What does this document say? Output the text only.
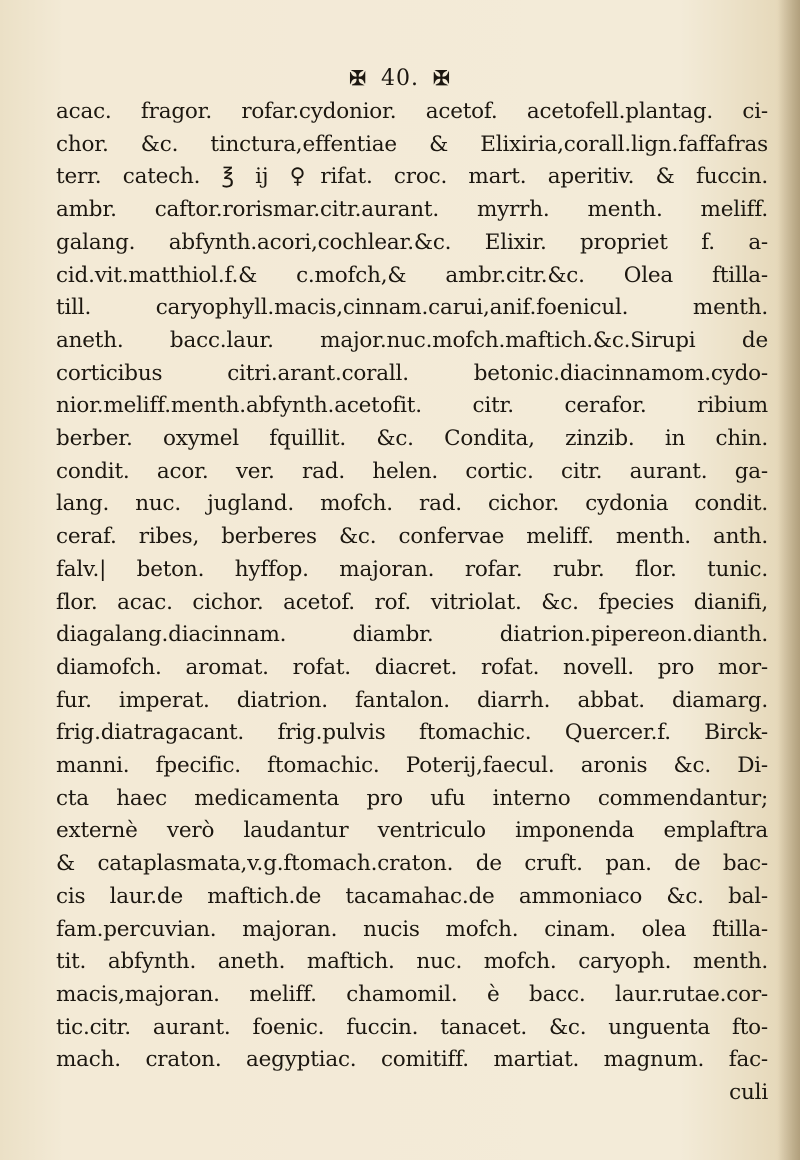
✠ 40. ✠
acac. fragor. rofar.cydonior. acetof. acetofell.plantag. ci-
chor. &c. tinctura,effentiae & Elixiria,corall.lign.faffafras
terr. catech. ℥ ij ♀rifat. croc. mart. aperitiv. & fuccin.
ambr. caftor.rorismar.citr.aurant. myrrh. menth. meliff.
galang. abfynth.acori,cochlear.&c. Elixir. propriet f. a-
cid.vit.matthiol.f.& c.mofch,& ambr.citr.&c. Olea ftilla-
till. caryophyll.macis,cinnam.carui,anif.foenicul. menth.
aneth. bacc.laur. major.nuc.mofch.maftich.&c.Sirupi de
corticibus citri.arant.corall. betonic.diacinnamom.cydo-
nior.meliff.menth.abfynth.acetofit. citr. cerafor. ribium
berber. oxymel fquillit. &c. Condita, zinzib. in chin.
condit. acor. ver. rad. helen. cortic. citr. aurant. ga-
lang. nuc. jugland. mofch. rad. cichor. cydonia condit.
ceraf. ribes, berberes &c. confervae meliff. menth. anth.
falv.| beton. hyffop. majoran. rofar. rubr. flor. tunic.
flor. acac. cichor. acetof. rof. vitriolat. &c. fpecies dianifi,
diagalang.diacinnam. diambr. diatrion.pipereon.dianth.
diamofch. aromat. rofat. diacret. rofat. novell. pro mor-
fur. imperat. diatrion. fantalon. diarrh. abbat. diamarg.
frig.diatragacant. frig.pulvis ftomachic. Quercer.f. Birck-
manni. fpecific. ftomachic. Poterij,faecul. aronis &c. Di-
cta haec medicamenta pro ufu interno commendantur;
externè verò laudantur ventriculo imponenda emplaftra
& cataplasmata,v.g.ftomach.craton. de cruft. pan. de bac-
cis laur.de maftich.de tacamahac.de ammoniaco &c. bal-
fam.percuvian. majoran. nucis mofch. cinam. olea ftilla-
tit. abfynth. aneth. maftich. nuc. mofch. caryoph. menth.
macis,majoran. meliff. chamomil. è bacc. laur.rutae.cor-
tic.citr. aurant. foenic. fuccin. tanacet. &c. unguenta fto-
mach. craton. aegyptiac. comitiff. martiat. magnum. fac-
culi
